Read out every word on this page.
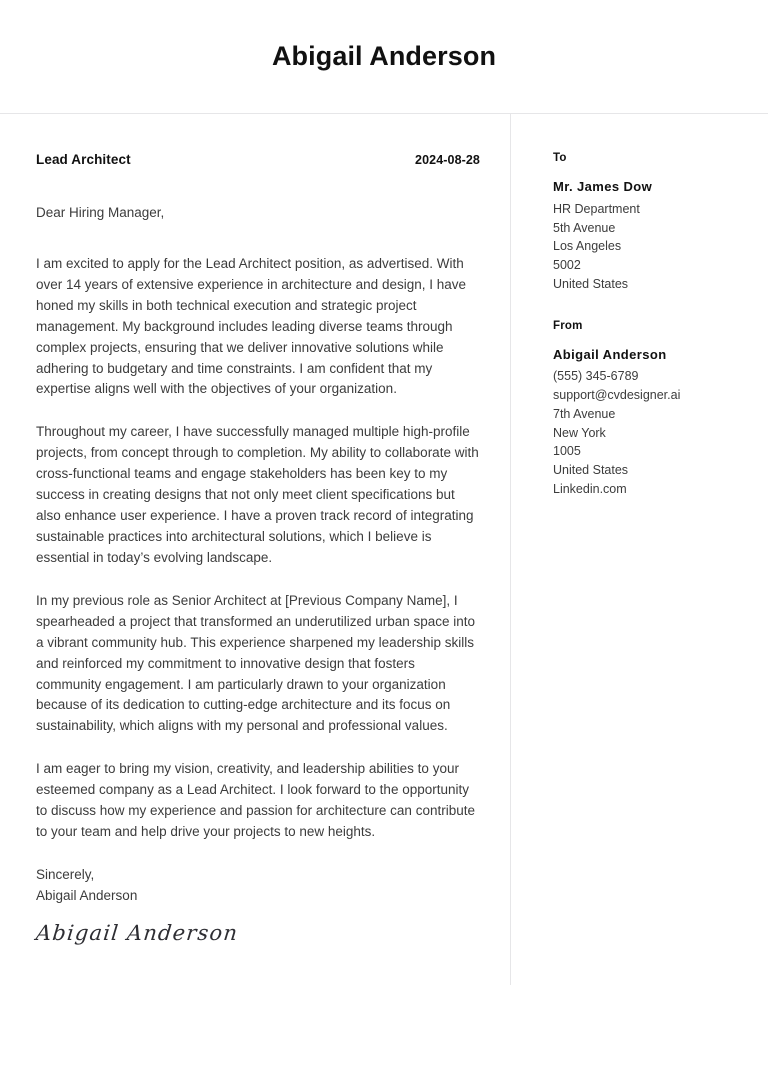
Abigail Anderson
Lead Architect	2024-08-28
Dear Hiring Manager,

I am excited to apply for the Lead Architect position, as advertised. With over 14 years of extensive experience in architecture and design, I have honed my skills in both technical execution and strategic project management. My background includes leading diverse teams through complex projects, ensuring that we deliver innovative solutions while adhering to budgetary and time constraints. I am confident that my expertise aligns well with the objectives of your organization.

Throughout my career, I have successfully managed multiple high-profile projects, from concept through to completion. My ability to collaborate with cross-functional teams and engage stakeholders has been key to my success in creating designs that not only meet client specifications but also enhance user experience. I have a proven track record of integrating sustainable practices into architectural solutions, which I believe is essential in today’s evolving landscape.

In my previous role as Senior Architect at [Previous Company Name], I spearheaded a project that transformed an underutilized urban space into a vibrant community hub. This experience sharpened my leadership skills and reinforced my commitment to innovative design that fosters community engagement. I am particularly drawn to your organization because of its dedication to cutting-edge architecture and its focus on sustainability, which aligns with my personal and professional values.

I am eager to bring my vision, creativity, and leadership abilities to your esteemed company as a Lead Architect. I look forward to the opportunity to discuss how my experience and passion for architecture can contribute to your team and help drive your projects to new heights.

Sincerely,
Abigail Anderson
Abigail Anderson
To
Mr. James Dow
HR Department
5th Avenue
Los Angeles
5002
United States
From
Abigail Anderson
(555) 345-6789
support@cvdesigner.ai
7th Avenue
New York
1005
United States
Linkedin.com
